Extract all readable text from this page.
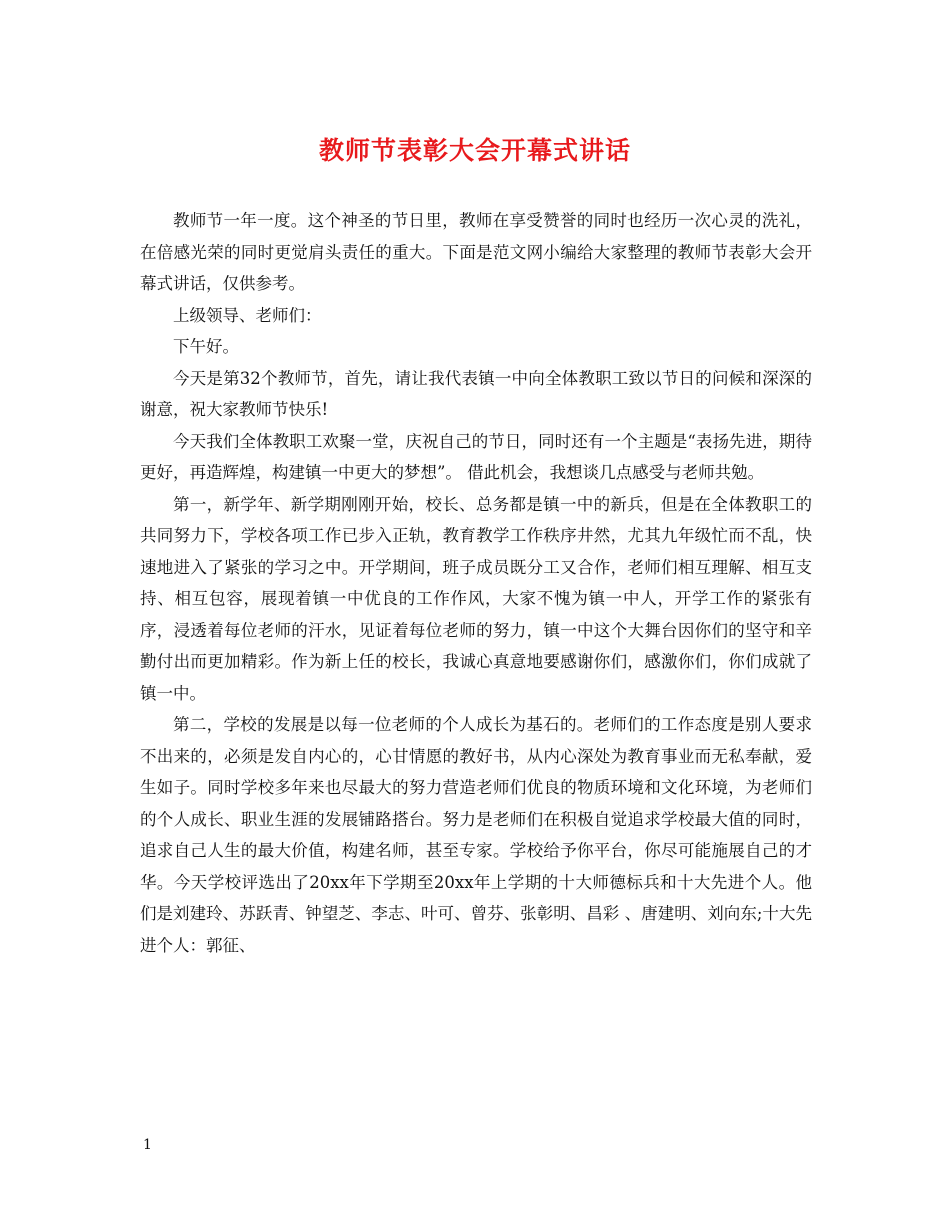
教师节表彰大会开幕式讲话

教师节一年一度。这个神圣的节日里，教师在享受赞誉的同时也经历一次心灵的洗礼，在倍感光荣的同时更觉肩头责任的重大。下面是范文网小编给大家整理的教师节表彰大会开幕式讲话，仅供参考。

上级领导、老师们：

下午好。

今天是第32个教师节，首先，请让我代表镇一中向全体教职工致以节日的问候和深深的谢意，祝大家教师节快乐!

今天我们全体教职工欢聚一堂，庆祝自己的节日，同时还有一个主题是“表扬先进，期待更好，再造辉煌，构建镇一中更大的梦想”。 借此机会，我想谈几点感受与老师共勉。

第一，新学年、新学期刚刚开始，校长、总务都是镇一中的新兵，但是在全体教职工的共同努力下，学校各项工作已步入正轨，教育教学工作秩序井然，尤其九年级忙而不乱，快速地进入了紧张的学习之中。开学期间，班子成员既分工又合作，老师们相互理解、相互支持、相互包容，展现着镇一中优良的工作作风，大家不愧为镇一中人，开学工作的紧张有序，浸透着每位老师的汗水，见证着每位老师的努力，镇一中这个大舞台因你们的坚守和辛勤付出而更加精彩。作为新上任的校长，我诚心真意地要感谢你们，感激你们，你们成就了镇一中。

第二，学校的发展是以每一位老师的个人成长为基石的。老师们的工作态度是别人要求不出来的，必须是发自内心的，心甘情愿的教好书，从内心深处为教育事业而无私奉献，爱生如子。同时学校多年来也尽最大的努力营造老师们优良的物质环境和文化环境，为老师们的个人成长、职业生涯的发展铺路搭台。努力是老师们在积极自觉追求学校最大值的同时，追求自己人生的最大价值，构建名师，甚至专家。学校给予你平台，你尽可能施展自己的才华。今天学校评选出了20xx年下学期至20xx年上学期的十大师德标兵和十大先进个人。他们是刘建玲、苏跃青、钟望芝、李志、叶可、曾芬、张彰明、昌彩 、唐建明、刘向东;十大先进个人：郭征、

1
